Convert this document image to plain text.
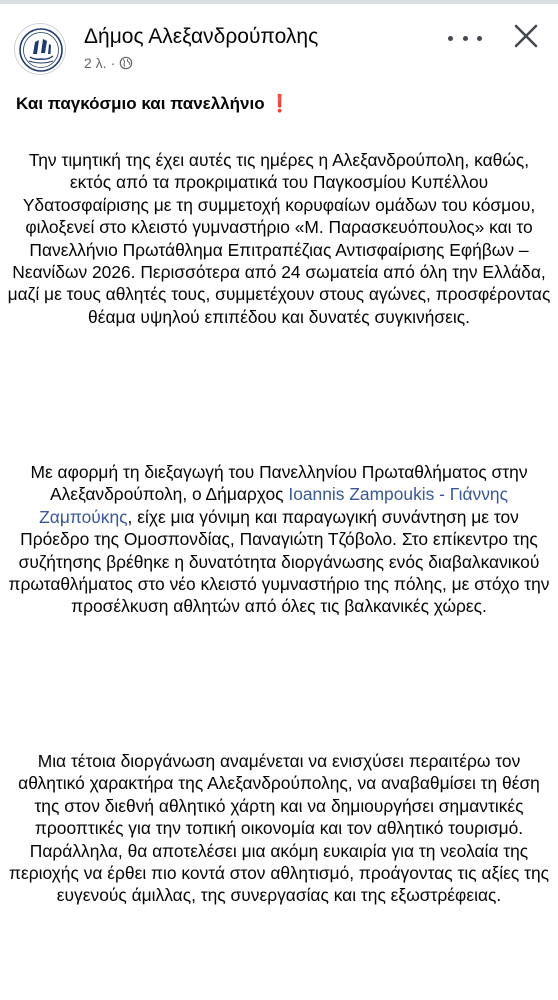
Δήμος Αλεξανδρούπολης
2 λ. ·
Και παγκόσμιο και πανελλήνιο ❗

Την τιμητική της έχει αυτές τις ημέρες η Αλεξανδρούπολη, καθώς, εκτός από τα προκριματικά του Παγκοσμίου Κυπέλλου Υδατοσφαίρισης με τη συμμετοχή κορυφαίων ομάδων του κόσμου, φιλοξενεί στο κλειστό γυμναστήριο «Μ. Παρασκευόπουλος» και το Πανελλήνιο Πρωτάθλημα Επιτραπέζιας Αντισφαίρισης Εφήβων – Νεανίδων 2026. Περισσότερα από 24 σωματεία από όλη την Ελλάδα, μαζί με τους αθλητές τους, συμμετέχουν στους αγώνες, προσφέροντας θέαμα υψηλού επιπέδου και δυνατές συγκινήσεις.

Με αφορμή τη διεξαγωγή του Πανελληνίου Πρωταθλήματος στην Αλεξανδρούπολη, ο Δήμαρχος Ioannis Zampoukis - Γιάννης Ζαμπούκης, είχε μια γόνιμη και παραγωγική συνάντηση με τον Πρόεδρο της Ομοσπονδίας, Παναγιώτη Τζόβολο. Στο επίκεντρο της συζήτησης βρέθηκε η δυνατότητα διοργάνωσης ενός διαβαλκανικού πρωταθλήματος στο νέο κλειστό γυμναστήριο της πόλης, με στόχο την προσέλκυση αθλητών από όλες τις βαλκανικές χώρες.

Μια τέτοια διοργάνωση αναμένεται να ενισχύσει περαιτέρω τον αθλητικό χαρακτήρα της Αλεξανδρούπολης, να αναβαθμίσει τη θέση της στον διεθνή αθλητικό χάρτη και να δημιουργήσει σημαντικές προοπτικές για την τοπική οικονομία και τον αθλητικό τουρισμό. Παράλληλα, θα αποτελέσει μια ακόμη ευκαιρία για τη νεολαία της περιοχής να έρθει πιο κοντά στον αθλητισμό, προάγοντας τις αξίες της ευγενούς άμιλλας, της συνεργασίας και της εξωστρέφειας.
